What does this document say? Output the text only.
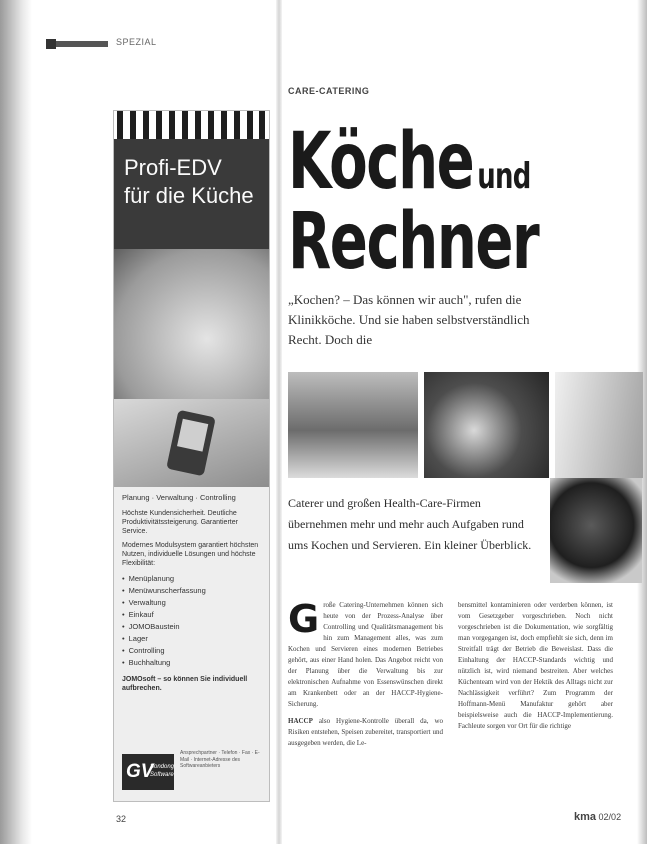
SPEZIAL
Profi-EDV
für die Küche
Planung · Verwaltung · Controlling

Höchste Kundensicherheit. Deutliche Produktivitätssteigerung. Garantierter Service.

Modernes Modulsystem garantiert höchsten Nutzen, individuelle Lösungen und höchste Flexibilität:

• Menüplanung
• Menüwunscherfassung
• Verwaltung
• Einkauf
• JOMOBaustein
• Lager
• Controlling
• Buchhaltung
JOMOsoft – so können Sie individuell aufbrechen.
GV
Sondong
Software
Ansprechpartner · Telefon · Fax · E-Mail · Internet-Adresse des Softwareanbieters
CARE-CATERING
Köche und
Rechner
„Kochen? – Das können wir auch", rufen die Klinikköche. Und sie haben selbstverständlich Recht. Doch die
Caterer und großen Health-Care-Firmen übernehmen mehr und mehr auch Aufgaben rund ums Kochen und Servieren. Ein kleiner Überblick.

Große Catering-Unternehmen können sich heute von der Prozess-Analyse über Controlling und Qualitätsmanagement bis hin zum Management alles, was zum Kochen und Servieren eines modernen Betriebes gehört, aus einer Hand holen. Das Angebot reicht von der Planung über die Verwaltung bis zur elektronischen Aufnahme von Essenswünschen direkt am Krankenbett oder an der HACCP-Hygiene-Sicherung.

HACCP also Hygiene-Kontrolle überall da, wo Risiken entstehen, Speisen zubereitet, transportiert und ausgegeben werden, die Le-

bensmittel kontaminieren oder verderben können, ist vom Gesetzgeber vorgeschrieben. Noch nicht vorgeschrieben ist die Dokumentation, wie sorgfältig man vorgegangen ist, doch empfiehlt sie sich, denn im Streitfall trägt der Betrieb die Beweislast. Dass die Einhaltung der HACCP-Standards wichtig und nützlich ist, wird niemand bestreiten. Aber welches Küchenteam wird von der Hektik des Alltags nicht zur Nachlässigkeit verführt? Zum Programm der Hoffmann-Menü Manufaktur gehört aber beispielsweise auch die HACCP-Implementierung. Fachleute sorgen vor Ort für die richtige

32	kma 02/02
